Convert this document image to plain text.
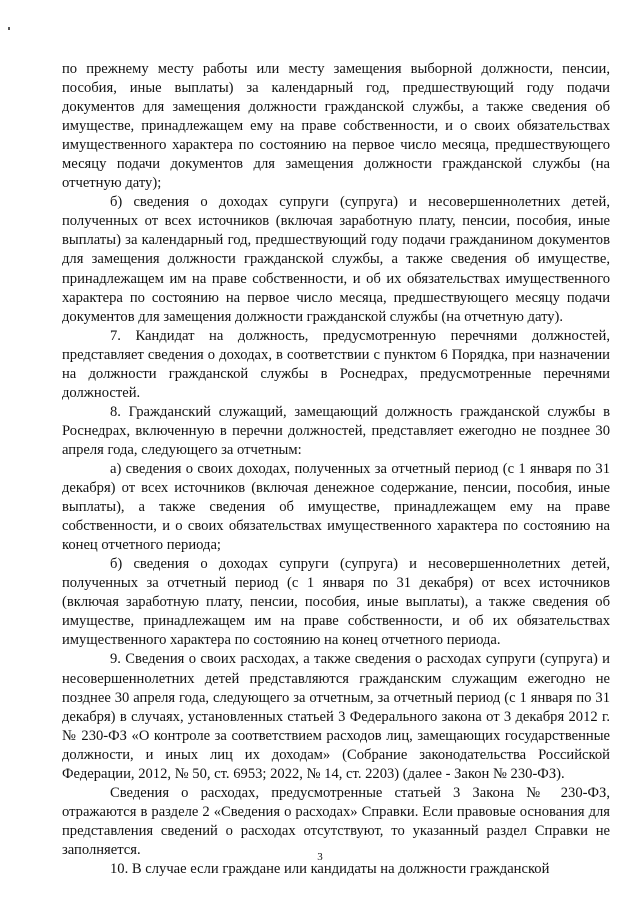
по прежнему месту работы или месту замещения выборной должности, пенсии, пособия, иные выплаты) за календарный год, предшествующий году подачи документов для замещения должности гражданской службы, а также сведения об имуществе, принадлежащем ему на праве собственности, и о своих обязательствах имущественного характера по состоянию на первое число месяца, предшествующего месяцу подачи документов для замещения должности гражданской службы (на отчетную дату);

б) сведения о доходах супруги (супруга) и несовершеннолетних детей, полученных от всех источников (включая заработную плату, пенсии, пособия, иные выплаты) за календарный год, предшествующий году подачи гражданином документов для замещения должности гражданской службы, а также сведения об имуществе, принадлежащем им на праве собственности, и об их обязательствах имущественного характера по состоянию на первое число месяца, предшествующего месяцу подачи документов для замещения должности гражданской службы (на отчетную дату).

7. Кандидат на должность, предусмотренную перечнями должностей, представляет сведения о доходах, в соответствии с пунктом 6 Порядка, при назначении на должности гражданской службы в Роснедрах, предусмотренные перечнями должностей.

8. Гражданский служащий, замещающий должность гражданской службы в Роснедрах, включенную в перечни должностей, представляет ежегодно не позднее 30 апреля года, следующего за отчетным:

а) сведения о своих доходах, полученных за отчетный период (с 1 января по 31 декабря) от всех источников (включая денежное содержание, пенсии, пособия, иные выплаты), а также сведения об имуществе, принадлежащем ему на праве собственности, и о своих обязательствах имущественного характера по состоянию на конец отчетного периода;

б) сведения о доходах супруги (супруга) и несовершеннолетних детей, полученных за отчетный период (с 1 января по 31 декабря) от всех источников (включая заработную плату, пенсии, пособия, иные выплаты), а также сведения об имуществе, принадлежащем им на праве собственности, и об их обязательствах имущественного характера по состоянию на конец отчетного периода.

9. Сведения о своих расходах, а также сведения о расходах супруги (супруга) и несовершеннолетних детей представляются гражданским служащим ежегодно не позднее 30 апреля года, следующего за отчетным, за отчетный период (с 1 января по 31 декабря) в случаях, установленных статьей 3 Федерального закона от 3 декабря 2012 г. № 230-ФЗ «О контроле за соответствием расходов лиц, замещающих государственные должности, и иных лиц их доходам» (Собрание законодательства Российской Федерации, 2012, № 50, ст. 6953; 2022, № 14, ст. 2203) (далее - Закон № 230-ФЗ).

Сведения о расходах, предусмотренные статьей 3 Закона № 230-ФЗ, отражаются в разделе 2 «Сведения о расходах» Справки. Если правовые основания для представления сведений о расходах отсутствуют, то указанный раздел Справки не заполняется.

10. В случае если граждане или кандидаты на должности гражданской

3
